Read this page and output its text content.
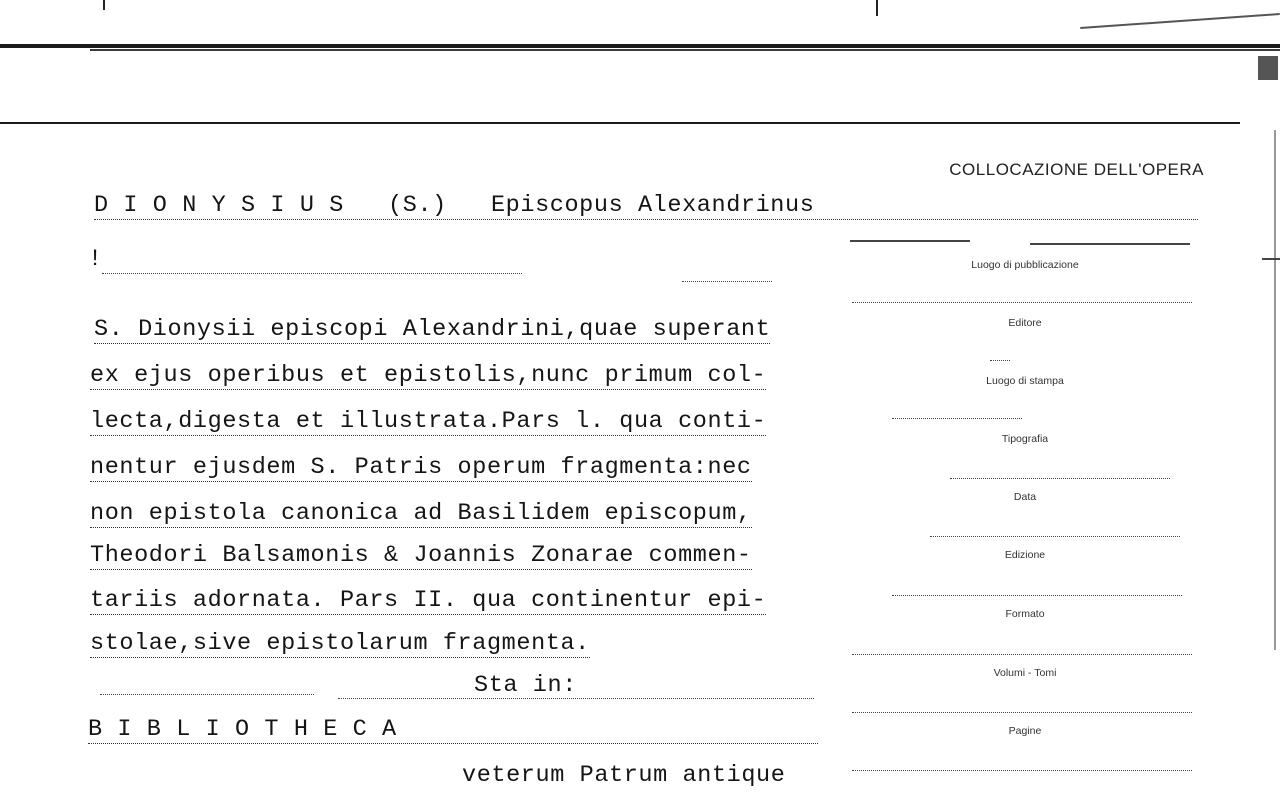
COLLOCAZIONE DELL'OPERA
D I O N Y S I U S   (S.)   Episcopus Alexandrinus
!
S. Dionysii episcopi Alexandrini,quae superant
ex ejus operibus et epistolis,nunc primum col-
lecta,digesta et illustrata.Pars l. qua conti-
nentur ejusdem S. Patris operum fragmenta:nec
non epistola canonica ad Basilidem episcopum,
Theodori Balsamonis & Joannis Zonarae commen-
tariis adornata. Pars II. qua continentur epi-
stolae,sive epistolarum fragmenta.
Sta in:
B I B L I O T H E C A
veterum Patrum antique
Luogo di pubblicazione
Editore
Luogo di stampa
Tipografia
Data
Edizione
Formato
Volumi - Tomi
Pagine
